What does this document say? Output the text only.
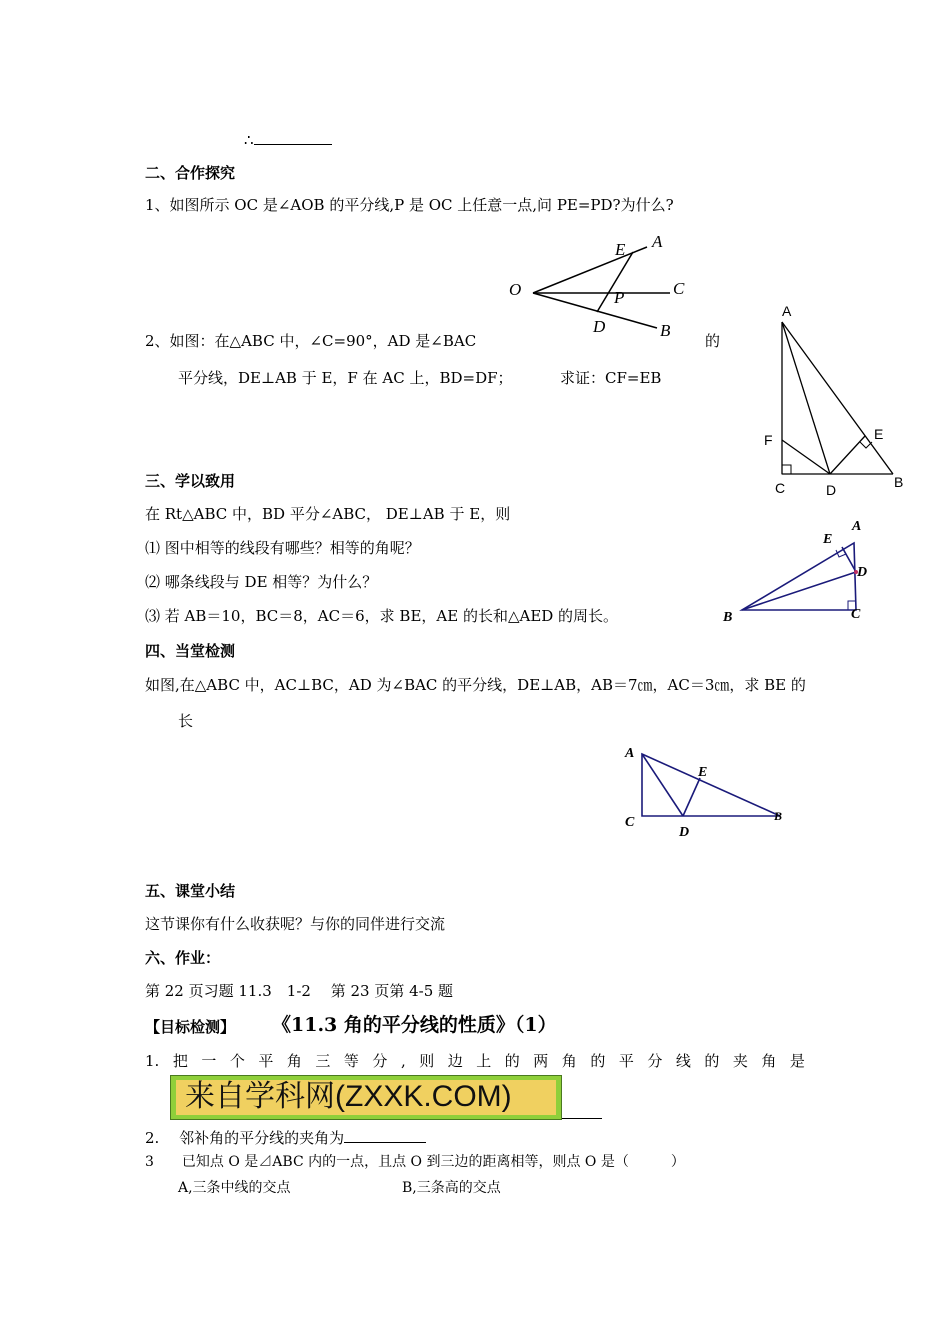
∴
二、合作探究
1、如图所示 OC 是∠AOB 的平分线,P 是 OC 上任意一点,问 PE=PD?为什么?
E A
O	P	C
D	B
2、如图：在△ABC 中，∠C=90°，AD 是∠BAC	的
平分线，DE⊥AB 于 E，F 在 AC 上，BD=DF；	求证：CF=EB
A
F	E
C	D	B
三、学以致用
在 Rt△ABC 中，BD 平分∠ABC， DE⊥AB 于 E，则
⑴ 图中相等的线段有哪些？相等的角呢？
⑵ 哪条线段与 DE 相等？为什么？
⑶ 若 AB＝10，BC＝8，AC＝6，求 BE，AE 的长和△AED 的周长。
E
A
D
B	C
四、当堂检测
如图,在△ABC 中，AC⊥BC，AD 为∠BAC 的平分线，DE⊥AB，AB＝7㎝，AC＝3㎝，求 BE 的
长
A
E
C
D
B
五、课堂小结
这节课你有什么收获呢？与你的同伴进行交流
六、作业：
第 22 页习题 11.3　1-2　 第 23 页第 4-5 题
【目标检测】 《11.3 角的平分线的性质》（1）
1. 把 一 个 平 角 三 等 分 , 则 边 上 的 两 角 的 平 分 线 的 夹 角 是
来自学科网(ZXXK.COM)
2.　 邻补角的平分线的夹角为
3　　已知点 O 是⊿ABC 内的一点，且点 O 到三边的距离相等，则点 O 是（　　　）
A,三条中线的交点	B,三条高的交点
